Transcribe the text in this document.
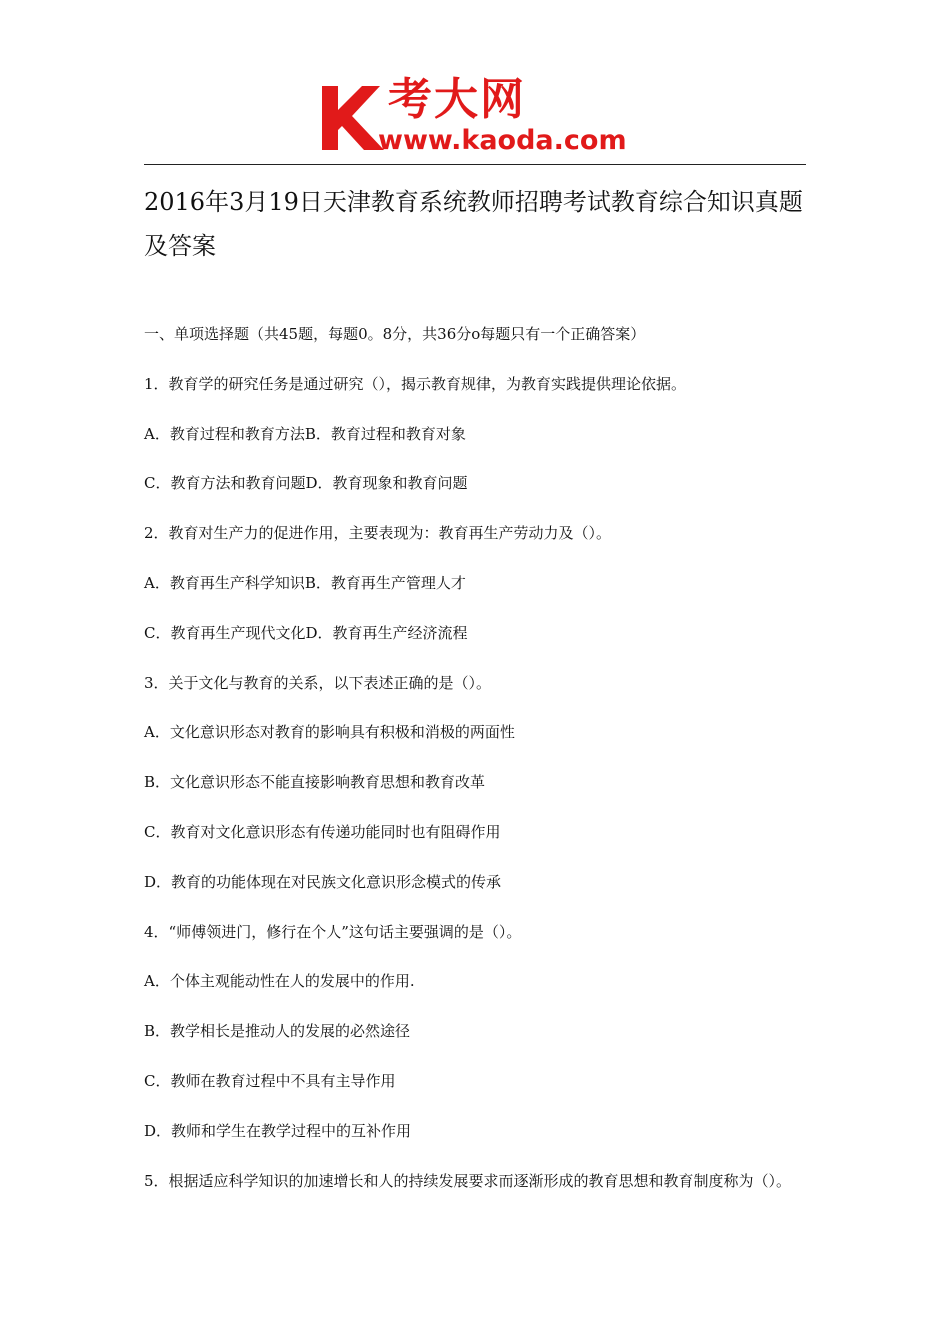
考大网
www.kaoda.com
2016年3月19日天津教育系统教师招聘考试教育综合知识真题及答案

一、单项选择题（共45题，每题0。8分，共36分o每题只有一个正确答案）

1．教育学的研究任务是通过研究（），揭示教育规律，为教育实践提供理论依据。

A．教育过程和教育方法B．教育过程和教育对象

C．教育方法和教育问题D．教育现象和教育问题

2．教育对生产力的促进作用，主要表现为：教育再生产劳动力及（）。

A．教育再生产科学知识B．教育再生产管理人才

C．教育再生产现代文化D．教育再生产经济流程

3．关于文化与教育的关系，以下表述正确的是（）。

A．文化意识形态对教育的影响具有积极和消极的两面性

B．文化意识形态不能直接影响教育思想和教育改革

C．教育对文化意识形态有传递功能同时也有阻碍作用

D．教育的功能体现在对民族文化意识形念模式的传承

4．“师傅领进门，修行在个人”这句话主要强调的是（）。

A．个体主观能动性在人的发展中的作用.

B．教学相长是推动人的发展的必然途径

C．教师在教育过程中不具有主导作用

D．教师和学生在教学过程中的互补作用

5．根据适应科学知识的加速增长和人的持续发展要求而逐渐形成的教育思想和教育制度称为（）。
